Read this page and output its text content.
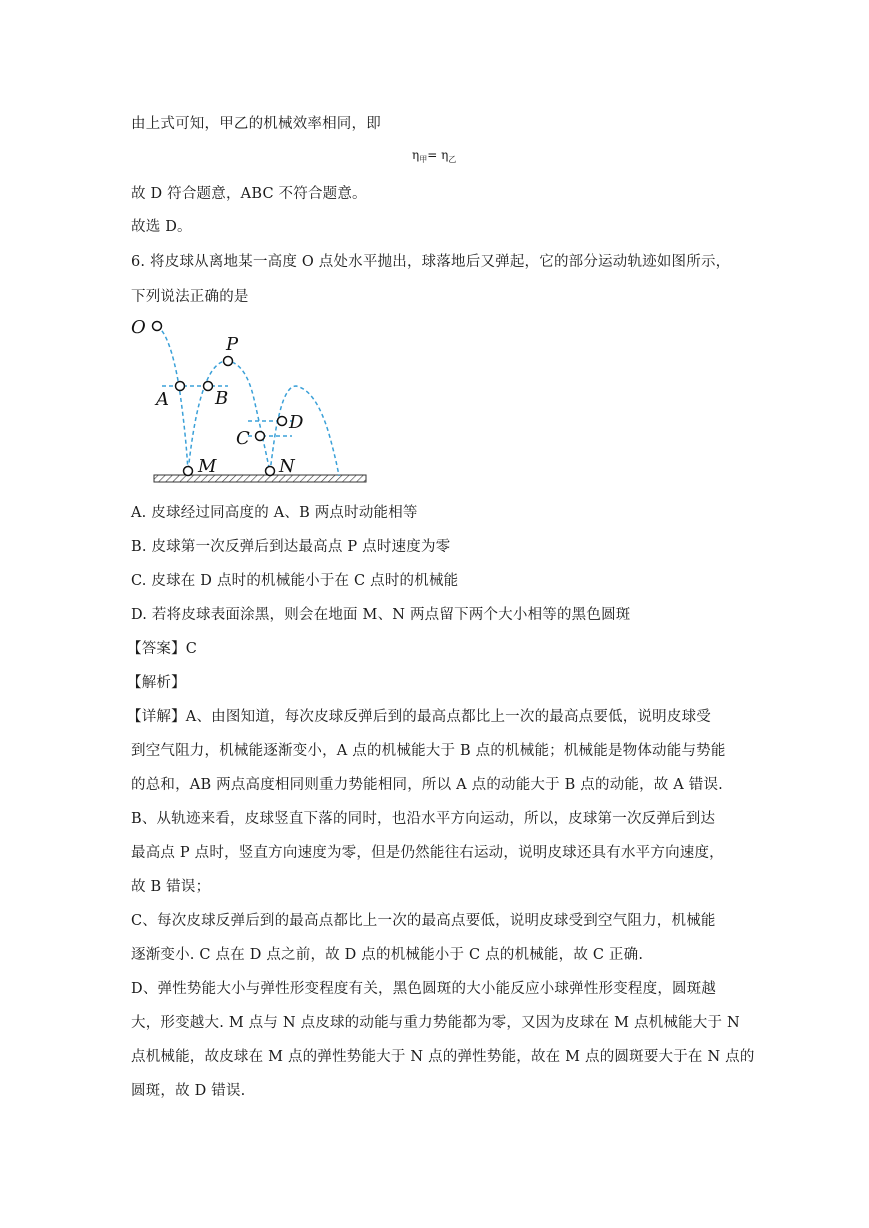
由上式可知，甲乙的机械效率相同，即
$\eta_甲= \eta_乙$
故 D 符合题意，ABC 不符合题意。
故选 D。
6. 将皮球从离地某一高度 O 点处水平抛出，球落地后又弹起，它的部分运动轨迹如图所示，
下列说法正确的是
O
P
A	B
C
D
M	N
A. 皮球经过同高度的 A、B 两点时动能相等
B. 皮球第一次反弹后到达最高点 P 点时速度为零
C. 皮球在 D 点时的机械能小于在 C 点时的机械能
D. 若将皮球表面涂黑，则会在地面 M、N 两点留下两个大小相等的黑色圆斑
【答案】C
【解析】
【详解】A、由图知道，每次皮球反弹后到的最高点都比上一次的最高点要低，说明皮球受
到空气阻力，机械能逐渐变小，A 点的机械能大于 B 点的机械能；机械能是物体动能与势能
的总和，AB 两点高度相同则重力势能相同，所以 A 点的动能大于 B 点的动能，故 A 错误.
B、从轨迹来看，皮球竖直下落的同时，也沿水平方向运动，所以，皮球第一次反弹后到达
最高点 P 点时，竖直方向速度为零，但是仍然能往右运动，说明皮球还具有水平方向速度，
故 B 错误；
C、每次皮球反弹后到的最高点都比上一次的最高点要低，说明皮球受到空气阻力，机械能
逐渐变小. C 点在 D 点之前，故 D 点的机械能小于 C 点的机械能，故 C 正确.
D、弹性势能大小与弹性形变程度有关，黑色圆斑的大小能反应小球弹性形变程度，圆斑越
大，形变越大. M 点与 N 点皮球的动能与重力势能都为零，又因为皮球在 M 点机械能大于 N
点机械能，故皮球在 M 点的弹性势能大于 N 点的弹性势能，故在 M 点的圆斑要大于在 N 点的
圆斑，故 D 错误.
